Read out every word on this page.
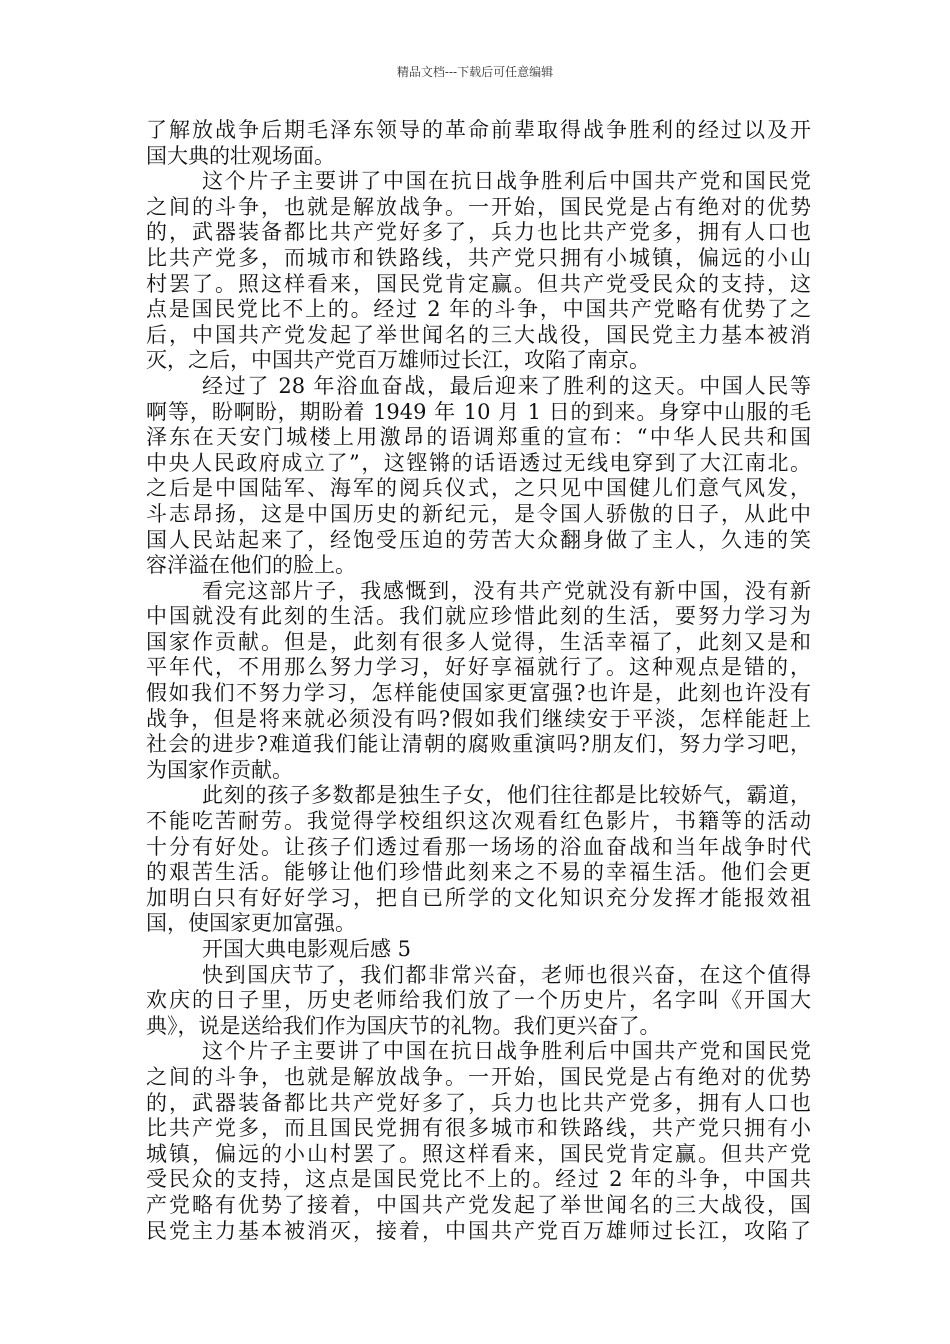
精品文档---下载后可任意编辑
了解放战争后期毛泽东领导的革命前辈取得战争胜利的经过以及开
国大典的壮观场面。
这个片子主要讲了中国在抗日战争胜利后中国共产党和国民党
之间的斗争，也就是解放战争。一开始，国民党是占有绝对的优势
的，武器装备都比共产党好多了，兵力也比共产党多，拥有人口也
比共产党多，而城市和铁路线，共产党只拥有小城镇，偏远的小山
村罢了。照这样看来，国民党肯定赢。但共产党受民众的支持，这
点是国民党比不上的。经过 2 年的斗争，中国共产党略有优势了之
后，中国共产党发起了举世闻名的三大战役，国民党主力基本被消
灭，之后，中国共产党百万雄师过长江，攻陷了南京。
经过了 28 年浴血奋战，最后迎来了胜利的这天。中国人民等
啊等，盼啊盼，期盼着 1949 年 10 月 1 日的到来。身穿中山服的毛
泽东在天安门城楼上用激昂的语调郑重的宣布：“中华人民共和国
中央人民政府成立了”，这铿锵的话语透过无线电穿到了大江南北。
之后是中国陆军、海军的阅兵仪式，之只见中国健儿们意气风发，
斗志昂扬，这是中国历史的新纪元，是令国人骄傲的日子，从此中
国人民站起来了，经饱受压迫的劳苦大众翻身做了主人，久违的笑
容洋溢在他们的脸上。
看完这部片子，我感慨到，没有共产党就没有新中国，没有新
中国就没有此刻的生活。我们就应珍惜此刻的生活，要努力学习为
国家作贡献。但是，此刻有很多人觉得，生活幸福了，此刻又是和
平年代，不用那么努力学习，好好享福就行了。这种观点是错的，
假如我们不努力学习，怎样能使国家更富强?也许是，此刻也许没有
战争，但是将来就必须没有吗?假如我们继续安于平淡，怎样能赶上
社会的进步?难道我们能让清朝的腐败重演吗?朋友们，努力学习吧，
为国家作贡献。
此刻的孩子多数都是独生子女，他们往往都是比较娇气，霸道，
不能吃苦耐劳。我觉得学校组织这次观看红色影片，书籍等的活动
十分有好处。让孩子们透过看那一场场的浴血奋战和当年战争时代
的艰苦生活。能够让他们珍惜此刻来之不易的幸福生活。他们会更
加明白只有好好学习，把自已所学的文化知识充分发挥才能报效祖
国，使国家更加富强。
开国大典电影观后感 5
快到国庆节了，我们都非常兴奋，老师也很兴奋，在这个值得
欢庆的日子里，历史老师给我们放了一个历史片，名字叫《开国大
典》，说是送给我们作为国庆节的礼物。我们更兴奋了。
这个片子主要讲了中国在抗日战争胜利后中国共产党和国民党
之间的斗争，也就是解放战争。一开始，国民党是占有绝对的优势
的，武器装备都比共产党好多了，兵力也比共产党多，拥有人口也
比共产党多，而且国民党拥有很多城市和铁路线，共产党只拥有小
城镇，偏远的小山村罢了。照这样看来，国民党肯定赢。但共产党
受民众的支持，这点是国民党比不上的。经过 2 年的斗争，中国共
产党略有优势了接着，中国共产党发起了举世闻名的三大战役，国
民党主力基本被消灭，接着，中国共产党百万雄师过长江，攻陷了
